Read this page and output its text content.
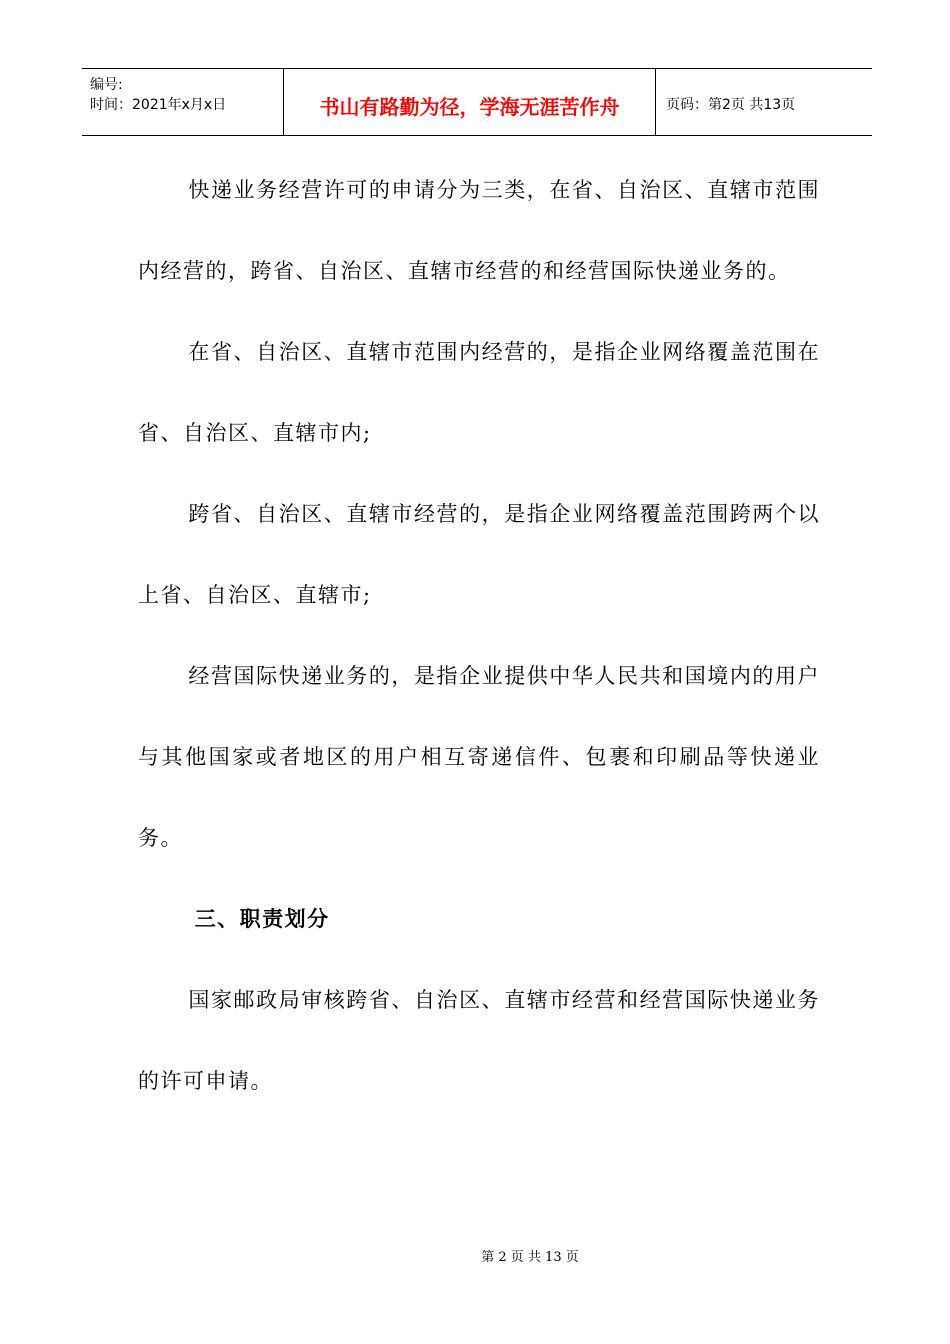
编号:
时间：2021年x月x日	书山有路勤为径，学海无涯苦作舟	页码：第2页 共13页

快递业务经营许可的申请分为三类，在省、自治区、直辖市范围内经营的，跨省、自治区、直辖市经营的和经营国际快递业务的。

在省、自治区、直辖市范围内经营的，是指企业网络覆盖范围在省、自治区、直辖市内;

跨省、自治区、直辖市经营的，是指企业网络覆盖范围跨两个以上省、自治区、直辖市;

经营国际快递业务的，是指企业提供中华人民共和国境内的用户与其他国家或者地区的用户相互寄递信件、包裹和印刷品等快递业务。

三、职责划分

国家邮政局审核跨省、自治区、直辖市经营和经营国际快递业务的许可申请。

第 2 页 共 13 页
